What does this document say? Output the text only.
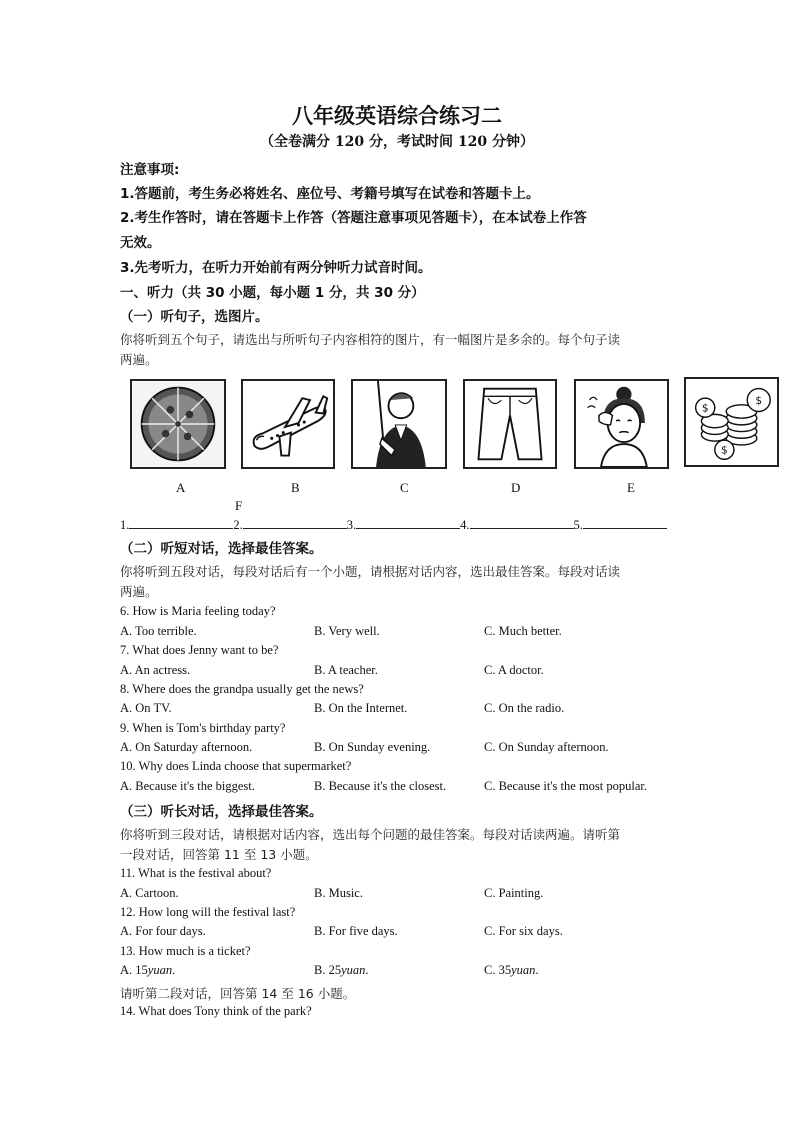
八年级英语综合练习二
（全卷满分 120 分，考试时间 120 分钟）
注意事项:
1.答题前，考生务必将姓名、座位号、考籍号填写在试卷和答题卡上。
2.考生作答时，请在答题卡上作答（答题注意事项见答题卡），在本试卷上作答
无效。
3.先考听力，在听力开始前有两分钟听力试音时间。
一、听力（共 30 小题，每小题 1 分，共 30 分）
（一）听句子，选图片。
你将听到五个句子，请选出与所听句子内容相符的图片，有一幅图片是多余的。每个句子读
两遍。
$
$
$
A	B	C	D	E
F
1.	2.	3.	4.	5.
（二）听短对话，选择最佳答案。
你将听到五段对话，每段对话后有一个小题，请根据对话内容，选出最佳答案。每段对话读
两遍。
6. How is Maria feeling today?
A. Too terrible.	B. Very well.	C. Much better.
7. What does Jenny want to be?
A. An actress.	B. A teacher.	C. A doctor.
8. Where does the grandpa usually get the news?
A. On TV.	B. On the Internet.	C. On the radio.
9. When is Tom's birthday party?
A. On Saturday afternoon.	B. On Sunday evening.	C. On Sunday afternoon.
10. Why does Linda choose that supermarket?
A. Because it's the biggest.	B. Because it's the closest.	C. Because it's the most popular.
（三）听长对话，选择最佳答案。
你将听到三段对话，请根据对话内容，选出每个问题的最佳答案。每段对话读两遍。请听第
一段对话，回答第 11 至 13 小题。
11. What is the festival about?
A. Cartoon.	B. Music.	C. Painting.
12. How long will the festival last?
A. For four days.	B. For five days.	C. For six days.
13. How much is a ticket?
A. 15yuan.	B. 25yuan.	C. 35yuan.
请听第二段对话，回答第 14 至 16 小题。
14. What does Tony think of the park?
